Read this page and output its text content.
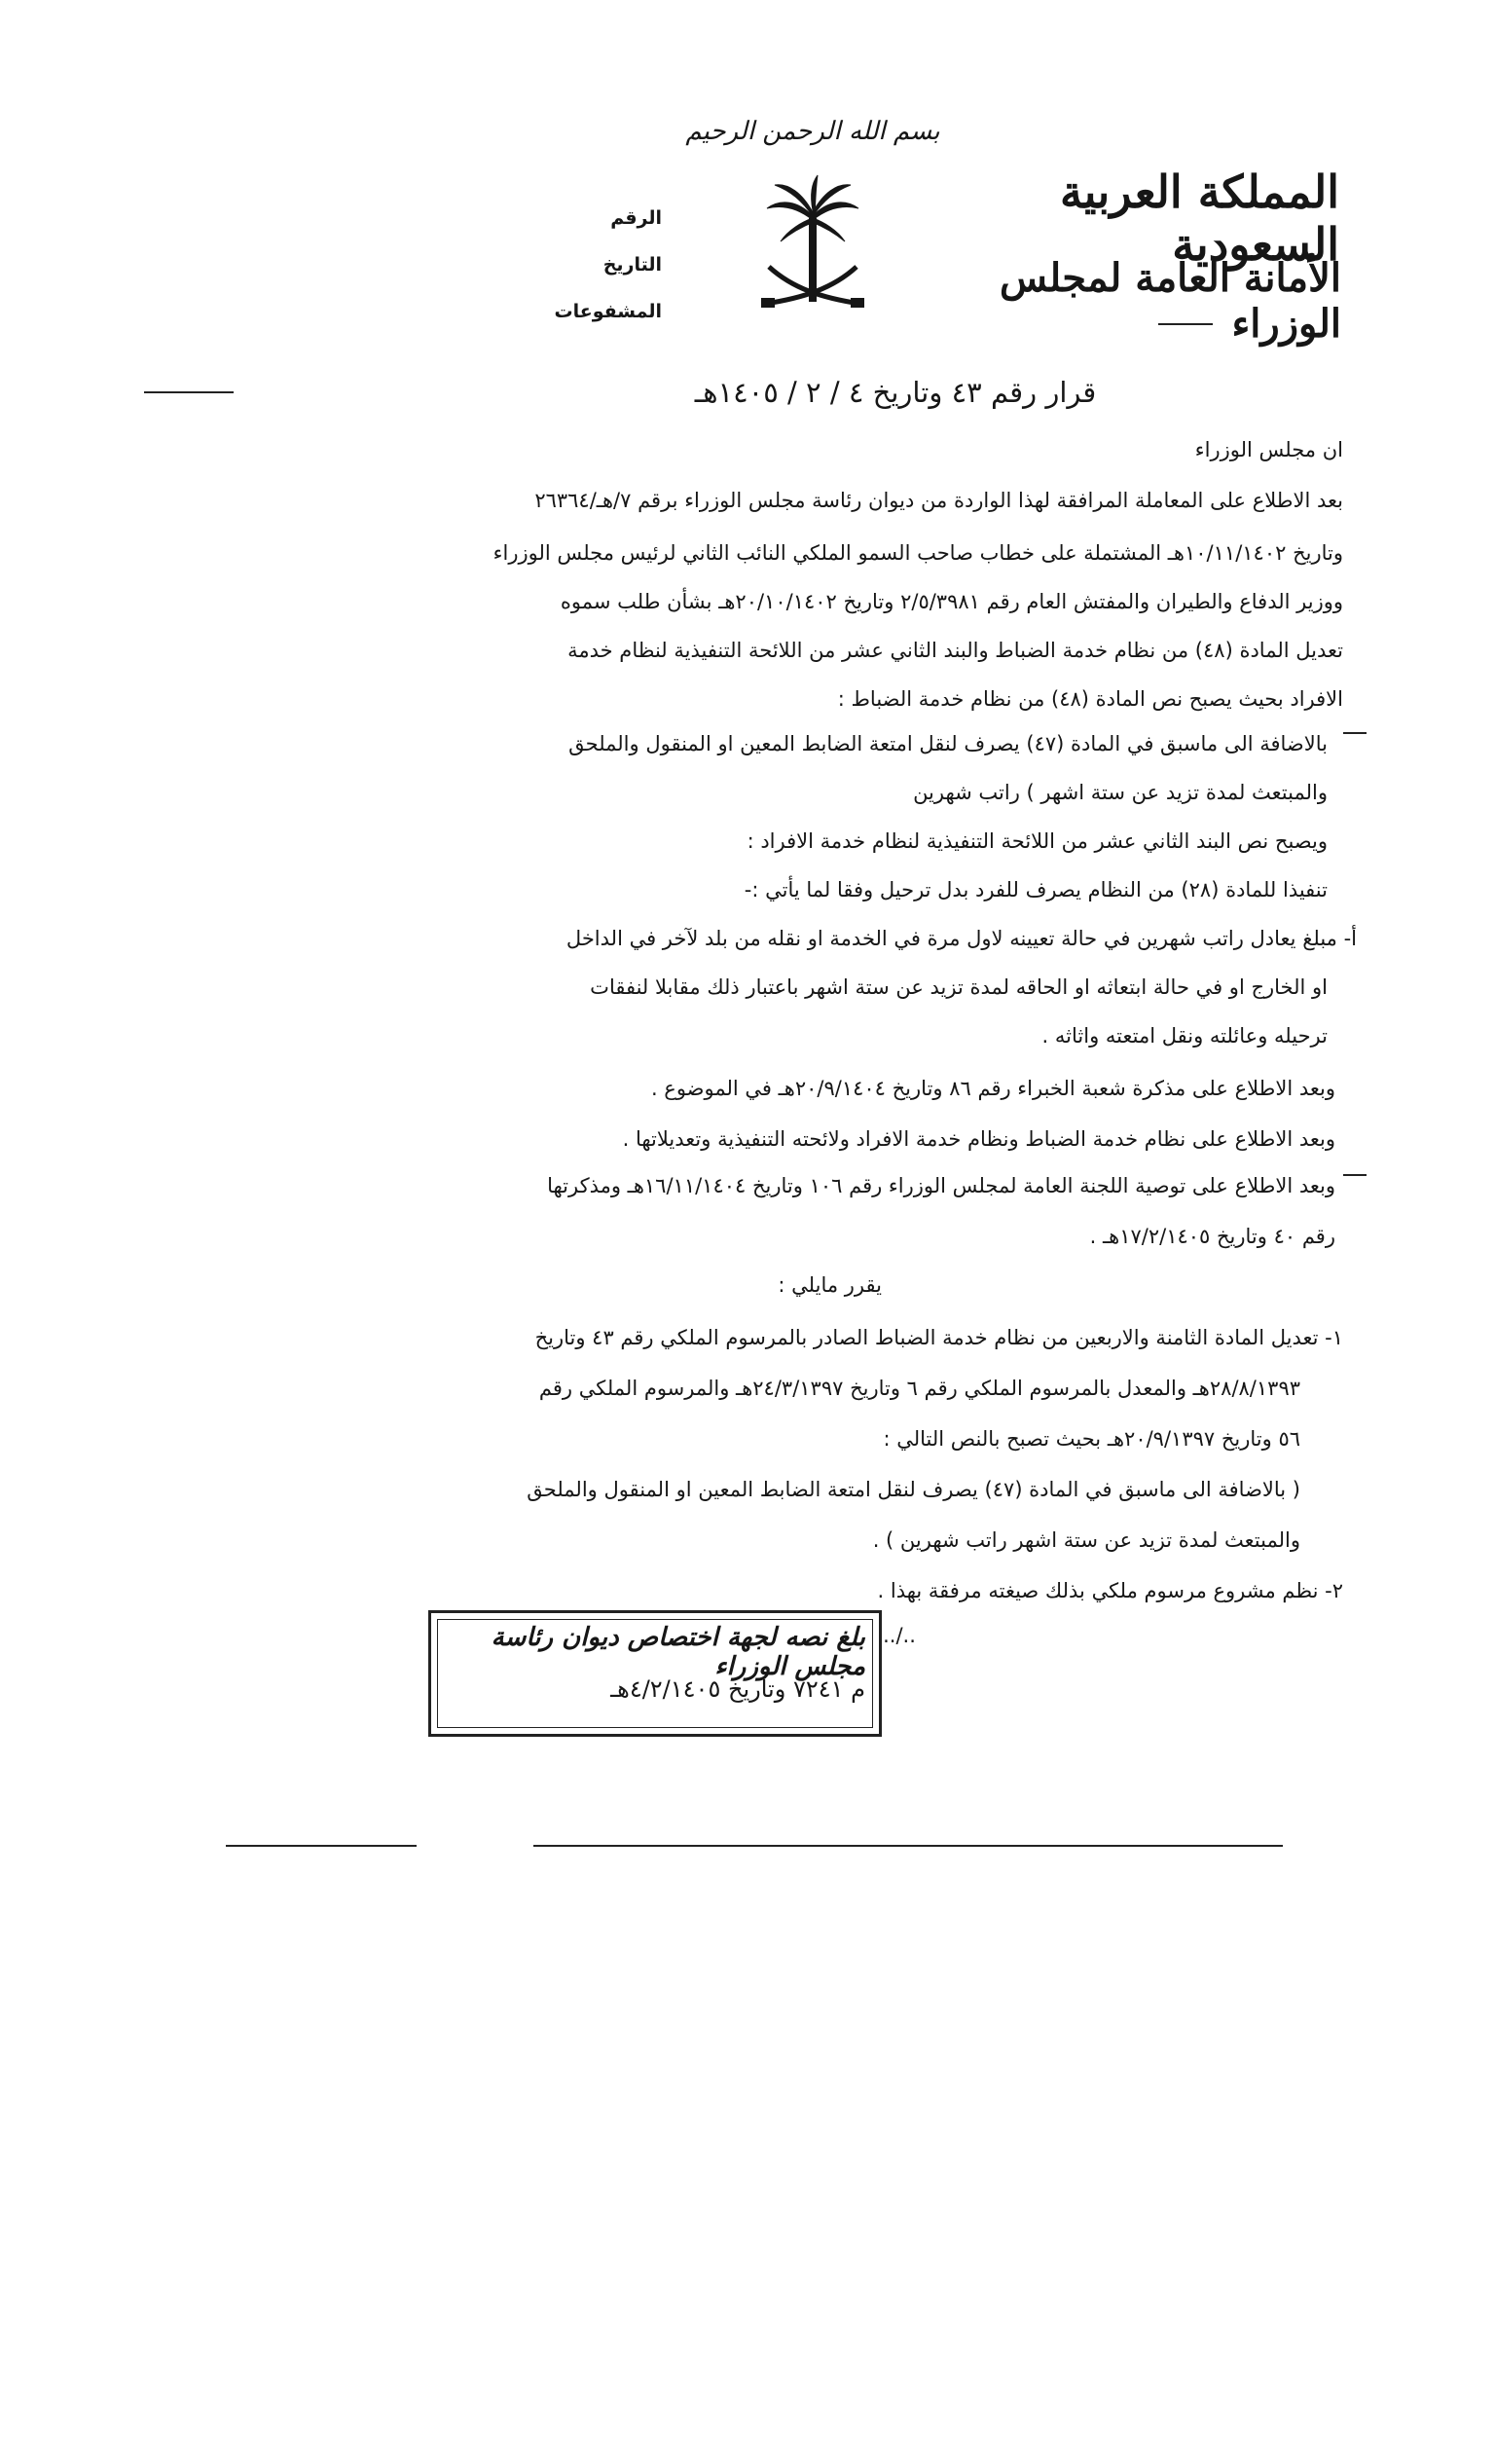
بسم الله الرحمن الرحيم
المملكة العربية السعودية
الأمانة العامة لمجلس الوزراء
الرقم
التاريخ
المشفوعات
قرار رقم ٤٣ وتاريخ ٤ / ٢ / ١٤٠٥هـ
ان مجلس الوزراء
بعد الاطلاع على المعاملة المرافقة لهذا الواردة من ديوان رئاسة مجلس الوزراء برقم ٧/هـ/٢٦٣٦٤
وتاريخ ١٠/١١/١٤٠٢هـ المشتملة على خطاب صاحب السمو الملكي النائب الثاني لرئيس مجلس الوزراء
ووزير الدفاع والطيران والمفتش العام رقم ٢/٥/٣٩٨١ وتاريخ ٢٠/١٠/١٤٠٢هـ بشأن طلب سموه
تعديل المادة (٤٨) من نظام خدمة الضباط والبند الثاني عشر من اللائحة التنفيذية لنظام خدمة
الافراد بحيث يصبح نص المادة (٤٨) من نظام خدمة الضباط :
بالاضافة الى ماسبق في المادة (٤٧) يصرف لنقل امتعة الضابط المعين او المنقول والملحق
والمبتعث لمدة تزيد عن ستة اشهر ) راتب شهرين
ويصبح نص البند الثاني عشر من اللائحة التنفيذية لنظام خدمة الافراد :
تنفيذا للمادة (٢٨) من النظام يصرف للفرد بدل ترحيل وفقا لما يأتي :-
أ- مبلغ يعادل راتب شهرين في حالة تعيينه لاول مرة في الخدمة او نقله من بلد لآخر في الداخل
او الخارج او في حالة ابتعاثه او الحاقه لمدة تزيد عن ستة اشهر باعتبار ذلك مقابلا لنفقات
ترحيله وعائلته ونقل امتعته واثاثه .
وبعد الاطلاع على مذكرة شعبة الخبراء رقم ٨٦ وتاريخ ٢٠/٩/١٤٠٤هـ في الموضوع .
وبعد الاطلاع على نظام خدمة الضباط ونظام خدمة الافراد ولائحته التنفيذية وتعديلاتها .
وبعد الاطلاع على توصية اللجنة العامة لمجلس الوزراء رقم ١٠٦ وتاريخ ١٦/١١/١٤٠٤هـ ومذكرتها
رقم ٤٠ وتاريخ ١٧/٢/١٤٠٥هـ .
يقرر مايلي :
١- تعديل المادة الثامنة والاربعين من نظام خدمة الضباط الصادر بالمرسوم الملكي رقم ٤٣ وتاريخ
٢٨/٨/١٣٩٣هـ والمعدل بالمرسوم الملكي رقم ٦ وتاريخ ٢٤/٣/١٣٩٧هـ والمرسوم الملكي رقم
٥٦ وتاريخ ٢٠/٩/١٣٩٧هـ بحيث تصبح بالنص التالي :
( بالاضافة الى ماسبق في المادة (٤٧) يصرف لنقل امتعة الضابط المعين او المنقول والملحق
والمبتعث لمدة تزيد عن ستة اشهر راتب شهرين ) .
٢- نظم مشروع مرسوم ملكي بذلك صيغته مرفقة بهذا .
../..
بلغ نصه لجهة اختصاص ديوان رئاسة مجلس الوزراء
م ٧٢٤١ وتاريخ ٤/٢/١٤٠٥هـ
